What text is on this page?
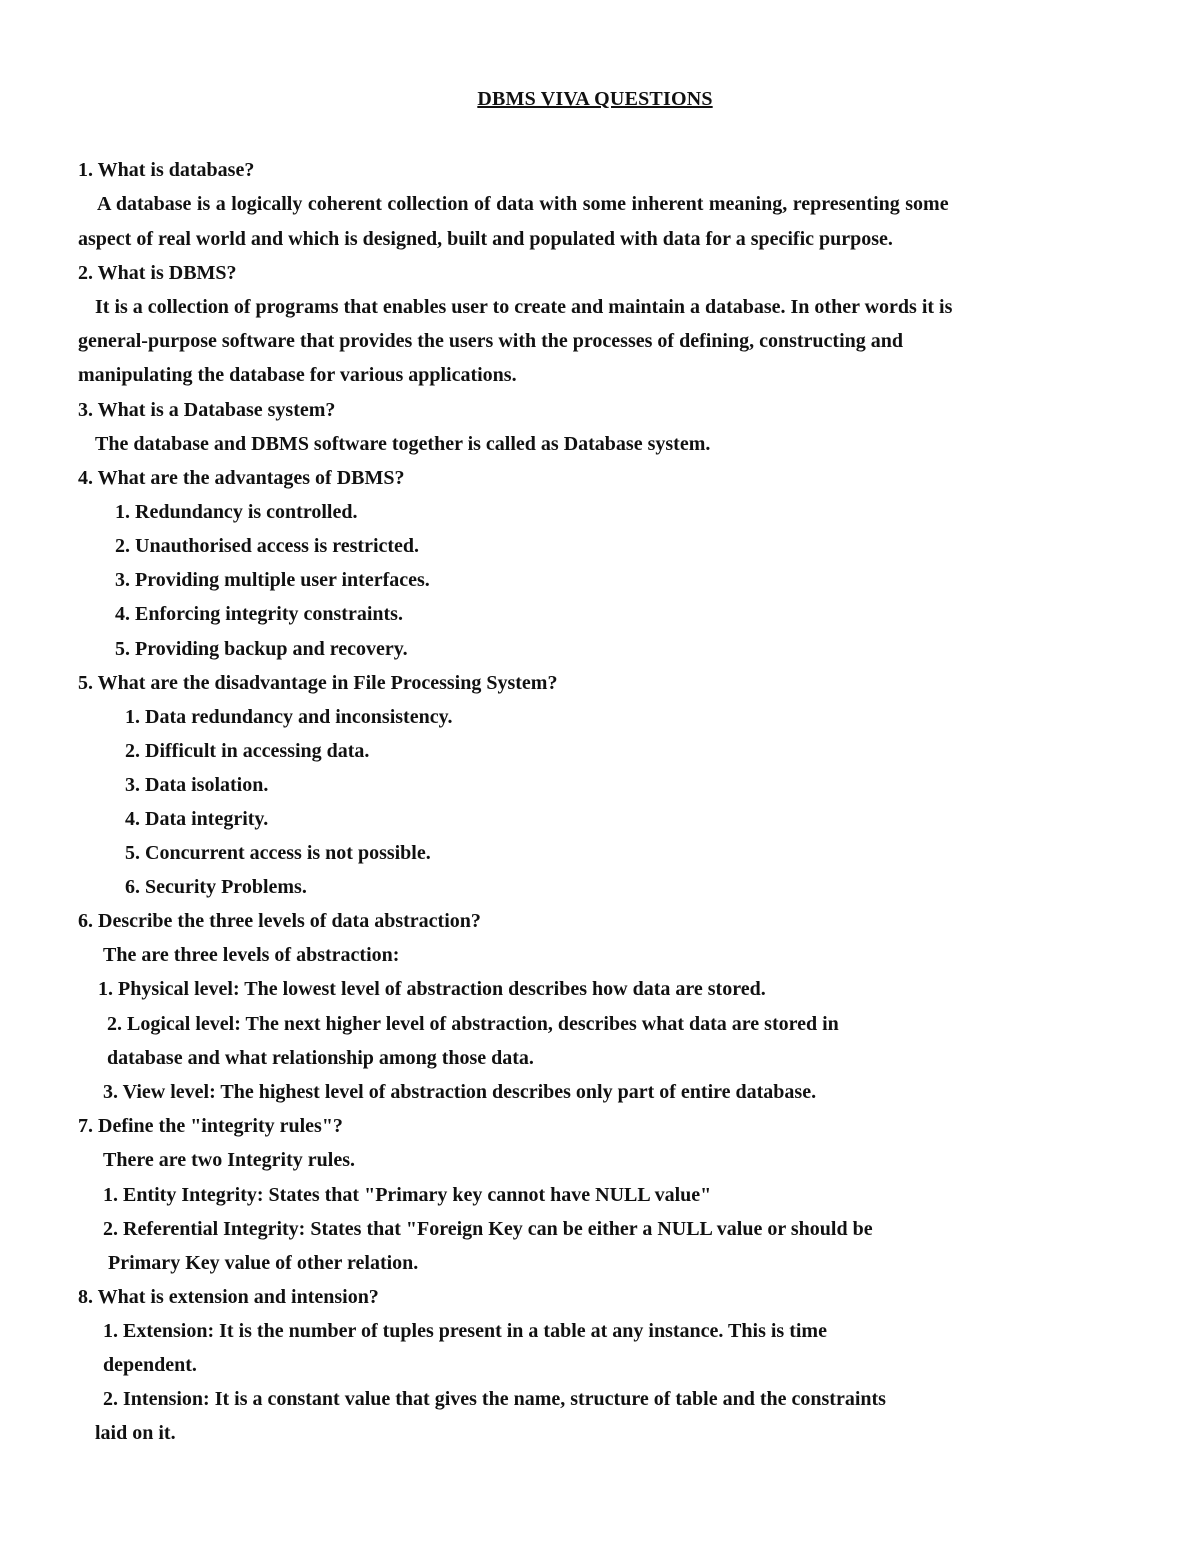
DBMS VIVA QUESTIONS
1. What is database?
A database is a logically coherent collection of data with some inherent meaning, representing some
aspect of real world and which is designed, built and populated with data for a specific purpose.
2. What is DBMS?
It is a collection of programs that enables user to create and maintain a database. In other words it is
general-purpose software that provides the users with the processes of defining, constructing and
manipulating the database for various applications.
3. What is a Database system?
The database and DBMS software together is called as Database system.
4. What are the advantages of DBMS?
1. Redundancy is controlled.
2. Unauthorised access is restricted.
3. Providing multiple user interfaces.
4. Enforcing integrity constraints.
5. Providing backup and recovery.
5. What are the disadvantage in File Processing System?
1. Data redundancy and inconsistency.
2. Difficult in accessing data.
3. Data isolation.
4. Data integrity.
5. Concurrent access is not possible.
6. Security Problems.
6. Describe the three levels of data abstraction?
The are three levels of abstraction:
1. Physical level: The lowest level of abstraction describes how data are stored.
2. Logical level: The next higher level of abstraction, describes what data are stored in
database and what relationship among those data.
3. View level: The highest level of abstraction describes only part of entire database.
7. Define the "integrity rules"?
There are two Integrity rules.
1. Entity Integrity: States that "Primary key cannot have NULL value"
2. Referential Integrity: States that "Foreign Key can be either a NULL value or should be
Primary Key value of other relation.
8. What is extension and intension?
1. Extension: It is the number of tuples present in a table at any instance. This is time
dependent.
2. Intension: It is a constant value that gives the name, structure of table and the constraints
laid on it.
